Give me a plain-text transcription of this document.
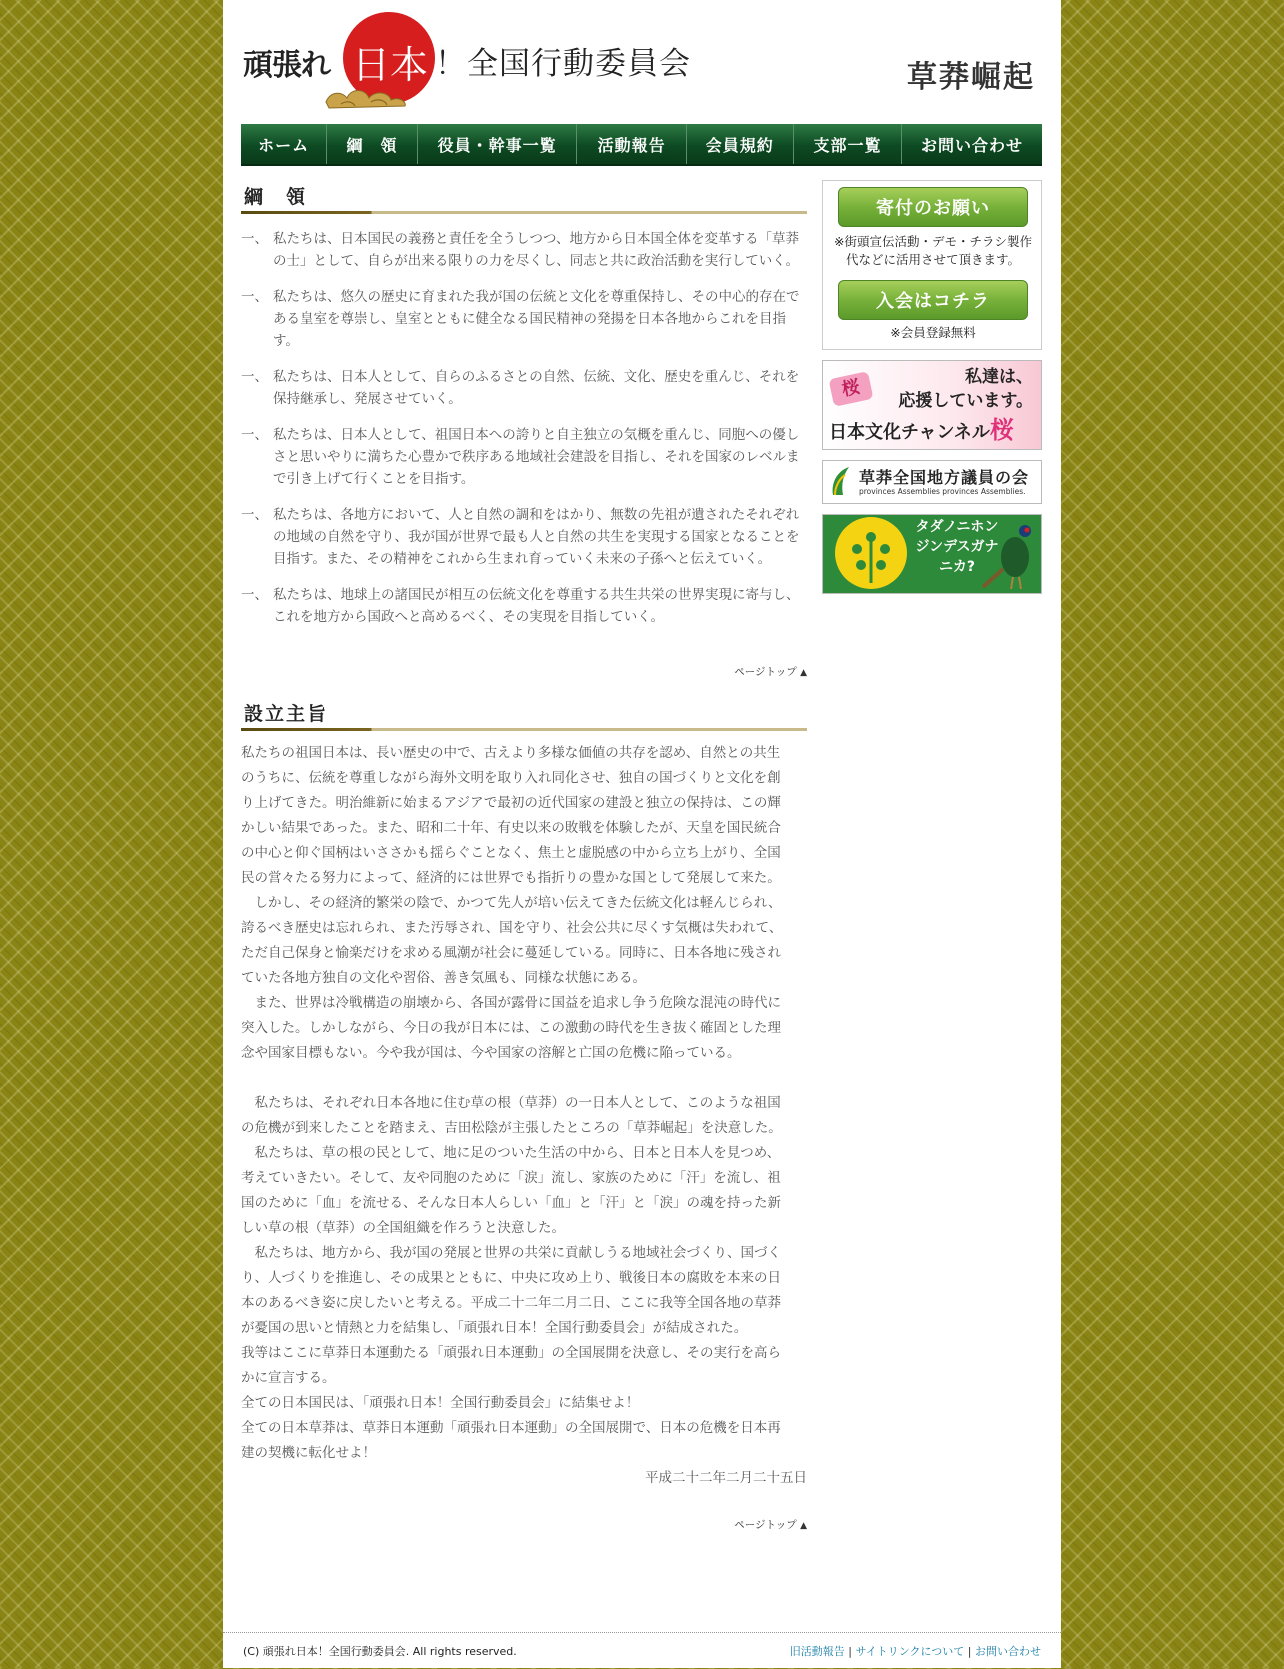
頑張れ 日本 ！全国行動委員会	草莽崛起
ホーム	綱　領	役員・幹事一覧	活動報告	会員規約	支部一覧	お問い合わせ
綱　領
一、 私たちは、日本国民の義務と責任を全うしつつ、地方から日本国全体を変革する「草莽の士」として、自らが出来る限りの力を尽くし、同志と共に政治活動を実行していく。
一、 私たちは、悠久の歴史に育まれた我が国の伝統と文化を尊重保持し、その中心的存在である皇室を尊崇し、皇室とともに健全なる国民精神の発揚を日本各地からこれを目指す。
一、 私たちは、日本人として、自らのふるさとの自然、伝統、文化、歴史を重んじ、それを保持継承し、発展させていく。
一、 私たちは、日本人として、祖国日本への誇りと自主独立の気概を重んじ、同胞への優しさと思いやりに満ちた心豊かで秩序ある地域社会建設を目指し、それを国家のレベルまで引き上げて行くことを目指す。
一、 私たちは、各地方において、人と自然の調和をはかり、無数の先祖が遺されたそれぞれの地域の自然を守り、我が国が世界で最も人と自然の共生を実現する国家となることを目指す。また、その精神をこれから生まれ育っていく未来の子孫へと伝えていく。
一、 私たちは、地球上の諸国民が相互の伝統文化を尊重する共生共栄の世界実現に寄与し、これを地方から国政へと高めるべく、その実現を目指していく。
ページトップ ▲
設立主旨

私たちの祖国日本は、長い歴史の中で、古えより多様な価値の共存を認め、自然との共生

のうちに、伝統を尊重しながら海外文明を取り入れ同化させ、独自の国づくりと文化を創

り上げてきた。明治維新に始まるアジアで最初の近代国家の建設と独立の保持は、この輝

かしい結果であった。また、昭和二十年、有史以来の敗戦を体験したが、天皇を国民統合

の中心と仰ぐ国柄はいささかも揺らぐことなく、焦土と虚脱感の中から立ち上がり、全国

民の営々たる努力によって、経済的には世界でも指折りの豊かな国として発展して来た。

　しかし、その経済的繁栄の陰で、かつて先人が培い伝えてきた伝統文化は軽んじられ、

誇るべき歴史は忘れられ、また汚辱され、国を守り、社会公共に尽くす気概は失われて、

ただ自己保身と愉楽だけを求める風潮が社会に蔓延している。同時に、日本各地に残され

ていた各地方独自の文化や習俗、善き気風も、同様な状態にある。

　また、世界は冷戦構造の崩壊から、各国が露骨に国益を追求し争う危険な混沌の時代に

突入した。しかしながら、今日の我が日本には、この激動の時代を生き抜く確固とした理

念や国家目標もない。今や我が国は、今や国家の溶解と亡国の危機に陥っている。

　私たちは、それぞれ日本各地に住む草の根（草莽）の一日本人として、このような祖国

の危機が到来したことを踏まえ、吉田松陰が主張したところの「草莽崛起」を決意した。

　私たちは、草の根の民として、地に足のついた生活の中から、日本と日本人を見つめ、

考えていきたい。そして、友や同胞のために「涙」流し、家族のために「汗」を流し、祖

国のために「血」を流せる、そんな日本人らしい「血」と「汗」と「涙」の魂を持った新

しい草の根（草莽）の全国組織を作ろうと決意した。

　私たちは、地方から、我が国の発展と世界の共栄に貢献しうる地域社会づくり、国づく

り、人づくりを推進し、その成果とともに、中央に攻め上り、戦後日本の腐敗を本来の日

本のあるべき姿に戻したいと考える。平成二十二年二月二日、ここに我等全国各地の草莽

が憂国の思いと情熱と力を結集し、「頑張れ日本！全国行動委員会」が結成された。

我等はここに草莽日本運動たる「頑張れ日本運動」の全国展開を決意し、その実行を高ら

かに宣言する。

全ての日本国民は、「頑張れ日本！全国行動委員会」に結集せよ！

全ての日本草莽は、草莽日本運動「頑張れ日本運動」の全国展開で、日本の危機を日本再

建の契機に転化せよ！

平成二十二年二月二十五日

ページトップ ▲
寄付のお願い
※街頭宣伝活動・デモ・チラシ製作代などに活用させて頂きます。
入会はコチラ
※会員登録無料
桜	私達は、
応援しています。
日本文化チャンネル桜
草莽全国地方議員の会
provinces Assemblies provinces Assemblies.
タダノニホンジンデスガナニカ?
(C) 頑張れ日本！全国行動委員会. All rights reserved.	旧活動報告 | サイトリンクについて | お問い合わせ
